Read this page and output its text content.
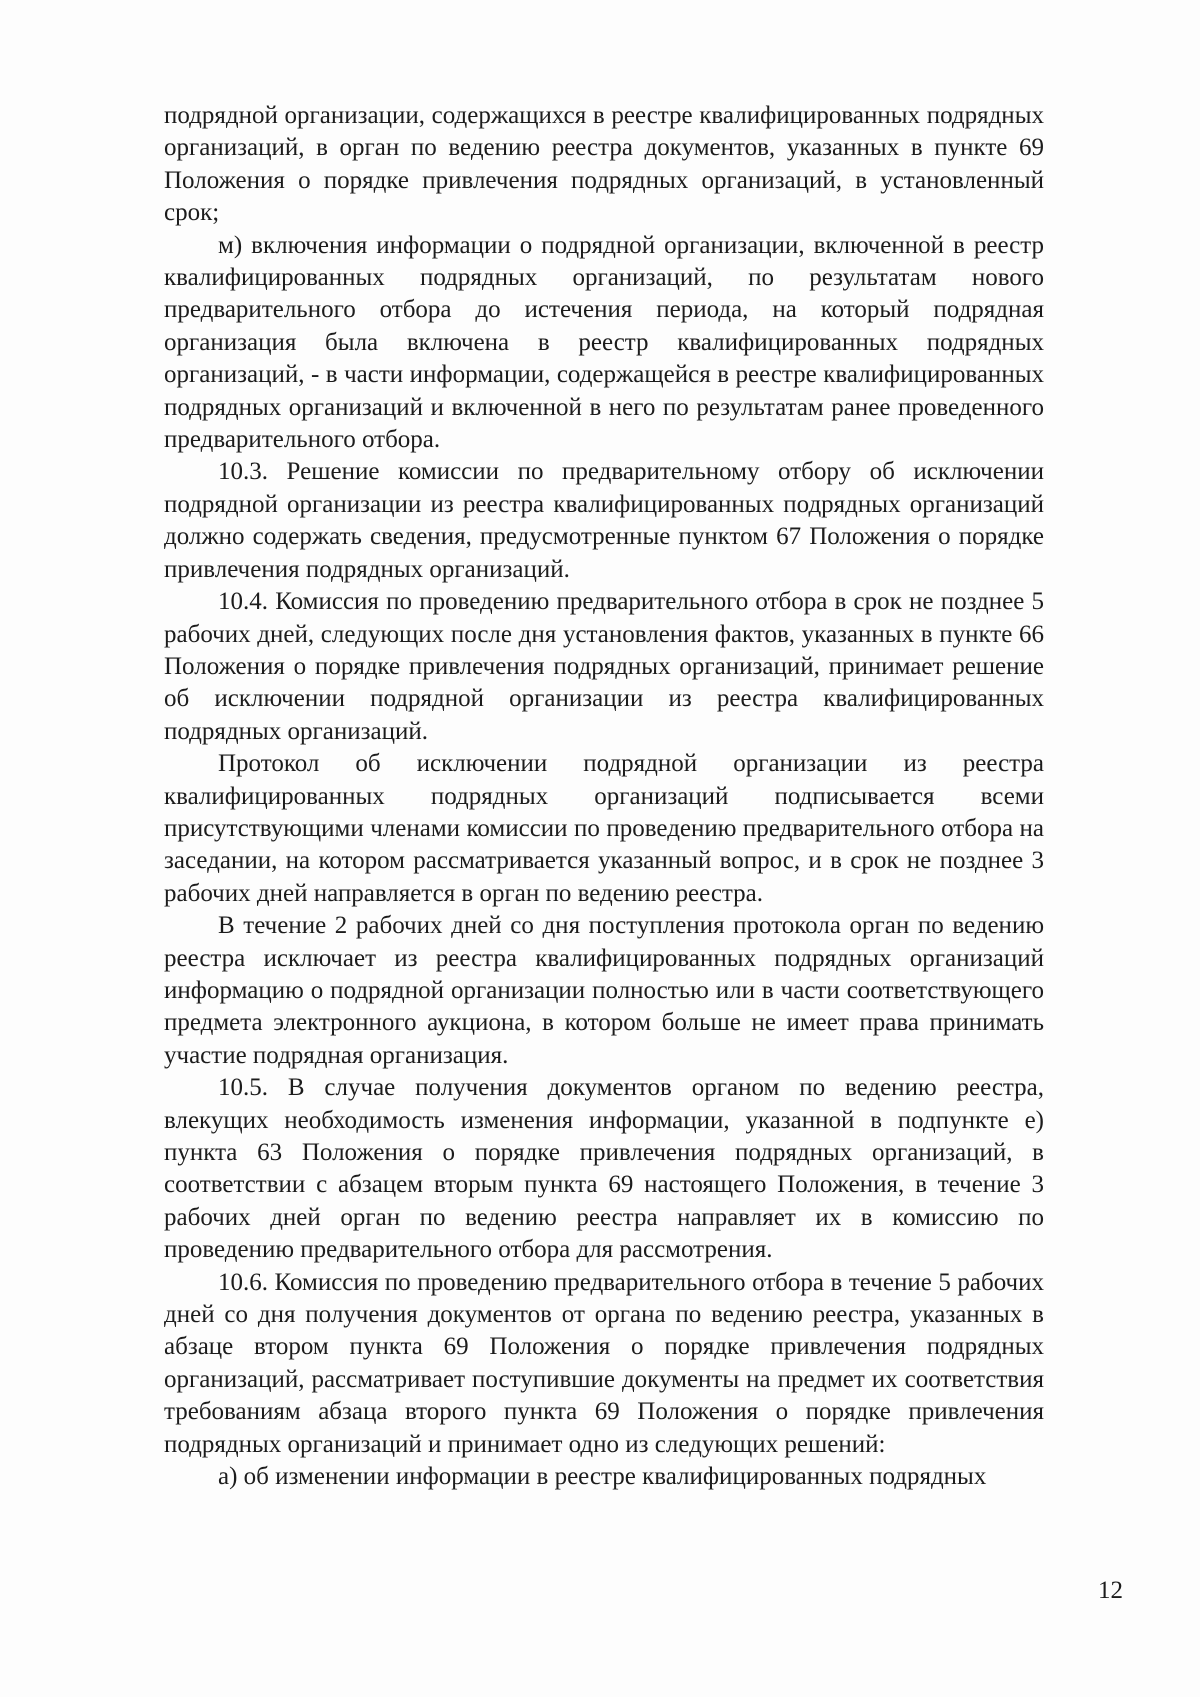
подрядной организации, содержащихся в реестре квалифицированных подрядных организаций, в орган по ведению реестра документов, указанных в пункте 69 Положения о порядке привлечения подрядных организаций, в установленный срок;

м) включения информации о подрядной организации, включенной в реестр квалифицированных подрядных организаций, по результатам нового предварительного отбора до истечения периода, на который подрядная организация была включена в реестр квалифицированных подрядных организаций, - в части информации, содержащейся в реестре квалифицированных подрядных организаций и включенной в него по результатам ранее проведенного предварительного отбора.

10.3. Решение комиссии по предварительному отбору об исключении подрядной организации из реестра квалифицированных подрядных организаций должно содержать сведения, предусмотренные пунктом 67 Положения о порядке привлечения подрядных организаций.

10.4. Комиссия по проведению предварительного отбора в срок не позднее 5 рабочих дней, следующих после дня установления фактов, указанных в пункте 66 Положения о порядке привлечения подрядных организаций, принимает решение об исключении подрядной организации из реестра квалифицированных подрядных организаций.

Протокол об исключении подрядной организации из реестра квалифицированных подрядных организаций подписывается всеми присутствующими членами комиссии по проведению предварительного отбора на заседании, на котором рассматривается указанный вопрос, и в срок не позднее 3 рабочих дней направляется в орган по ведению реестра.

В течение 2 рабочих дней со дня поступления протокола орган по ведению реестра исключает из реестра квалифицированных подрядных организаций информацию о подрядной организации полностью или в части соответствующего предмета электронного аукциона, в котором больше не имеет права принимать участие подрядная организация.

10.5. В случае получения документов органом по ведению реестра, влекущих необходимость изменения информации, указанной в подпункте е) пункта 63 Положения о порядке привлечения подрядных организаций, в соответствии с абзацем вторым пункта 69 настоящего Положения, в течение 3 рабочих дней орган по ведению реестра направляет их в комиссию по проведению предварительного отбора для рассмотрения.

10.6. Комиссия по проведению предварительного отбора в течение 5 рабочих дней со дня получения документов от органа по ведению реестра, указанных в абзаце втором пункта 69 Положения о порядке привлечения подрядных организаций, рассматривает поступившие документы на предмет их соответствия требованиям абзаца второго пункта 69 Положения о порядке привлечения подрядных организаций и принимает одно из следующих решений:

а) об изменении информации в реестре квалифицированных подрядных

12
